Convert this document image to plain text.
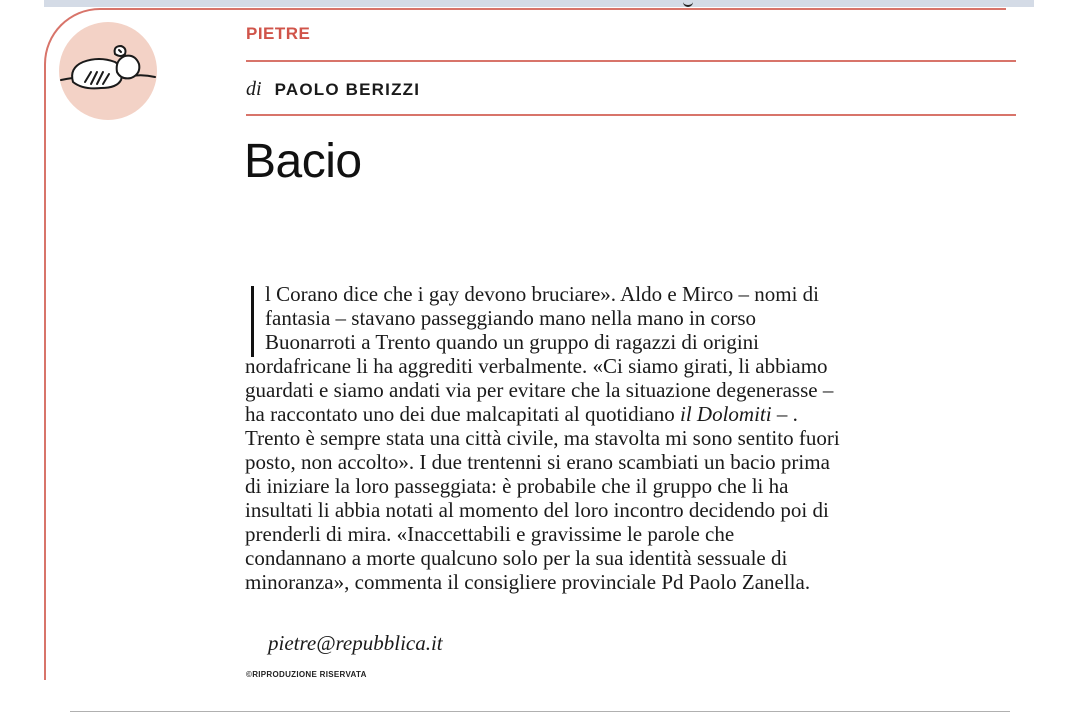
PIETRE
di PAOLO BERIZZI
Bacio
l Corano dice che i gay devono bruciare». Aldo e Mirco – nomi di
fantasia – stavano passeggiando mano nella mano in corso
Buonarroti a Trento quando un gruppo di ragazzi di origini
nordafricane li ha aggrediti verbalmente. «Ci siamo girati, li abbiamo
guardati e siamo andati via per evitare che la situazione degenerasse –
ha raccontato uno dei due malcapitati al quotidiano il Dolomiti – .
Trento è sempre stata una città civile, ma stavolta mi sono sentito fuori
posto, non accolto». I due trentenni si erano scambiati un bacio prima
di iniziare la loro passeggiata: è probabile che il gruppo che li ha
insultati li abbia notati al momento del loro incontro decidendo poi di
prenderli di mira. «Inaccettabili e gravissime le parole che
condannano a morte qualcuno solo per la sua identità sessuale di
minoranza», commenta il consigliere provinciale Pd Paolo Zanella.
pietre@repubblica.it
©RIPRODUZIONE RISERVATA
